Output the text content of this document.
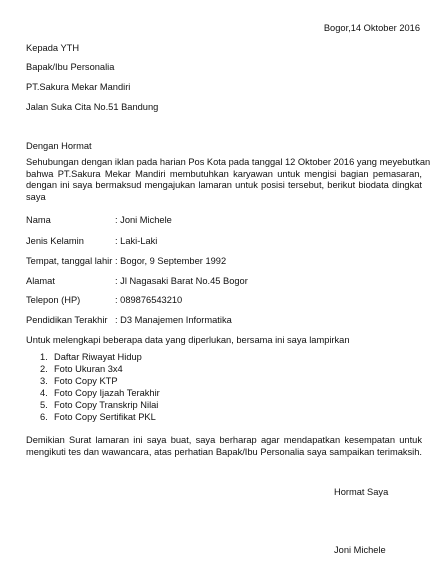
Bogor,14 Oktober 2016
Kepada YTH
Bapak/Ibu Personalia
PT.Sakura Mekar Mandiri
Jalan Suka Cita No.51 Bandung
Dengan Hormat
Sehubungan dengan iklan pada harian Pos Kota pada tanggal 12 Oktober 2016 yang meyebutkan
bahwa PT.Sakura Mekar Mandiri membutuhkan karyawan untuk mengisi bagian pemasaran,
dengan ini saya bermaksud mengajukan lamaran untuk posisi tersebut, berikut biodata dingkat
saya
Nama	: Joni Michele
Jenis Kelamin	: Laki-Laki
Tempat, tanggal lahir : Bogor, 9 September 1992
Alamat	: Jl Nagasaki Barat No.45 Bogor
Telepon (HP)	: 089876543210
Pendidikan Terakhir : D3 Manajemen Informatika
Untuk melengkapi beberapa data yang diperlukan, bersama ini saya lampirkan
1. Daftar Riwayat Hidup
2. Foto Ukuran 3x4
3. Foto Copy KTP
4. Foto Copy Ijazah Terakhir
5. Foto Copy Transkrip Nilai
6. Foto Copy Sertifikat PKL
Demikian Surat lamaran ini saya buat, saya berharap agar mendapatkan kesempatan untuk
mengikuti tes dan wawancara, atas perhatian Bapak/Ibu Personalia saya sampaikan terimaksih.
Hormat Saya
Joni Michele
